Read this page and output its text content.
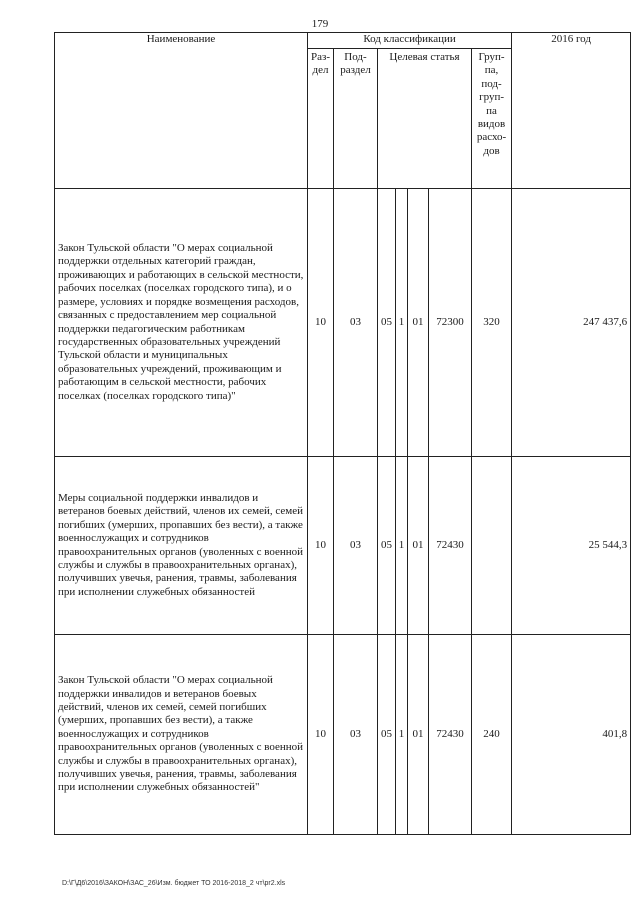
179
Наименование	Код классификации							2016 год
	Раз-дел	Под-раздел	Целевая статья				Груп-па, под-груп-па видов расхо-дов	
Закон Тульской области "О мерах социальной поддержки отдельных категорий граждан, проживающих и работающих в сельской местности, рабочих поселках (поселках городского типа), и о размере, условиях и порядке возмещения расходов, связанных с предоставлением мер социальной поддержки педагогическим работникам государственных образовательных учреждений Тульской области и муниципальных образовательных учреждений, проживающим и работающим в сельской местности, рабочих поселках (поселках городского типа)"	10	03	05	1	01	72300	320	247 437,6
Меры социальной поддержки инвалидов и ветеранов боевых действий, членов их семей, семей погибших (умерших, пропавших без вести), а также военнослужащих и сотрудников правоохранительных органов (уволенных с военной службы и службы в правоохранительных органах), получивших увечья, ранения, травмы, заболевания при исполнении служебных обязанностей	10	03	05	1	01	72430		25 544,3
Закон Тульской области "О мерах социальной поддержки инвалидов и ветеранов боевых действий, членов их семей, семей погибших (умерших, пропавших без вести), а также военнослужащих и сотрудников правоохранительных органов (уволенных с военной службы и службы в правоохранительных органах), получивших увечья, ранения, травмы, заболевания при исполнении служебных обязанностей"	10	03	05	1	01	72430	240	401,8
D:\Г\Д6\2016\ЗАКОН\ЗАС_26\Изм. бюджет ТО 2016-2018_2 чт\pr2.xls
